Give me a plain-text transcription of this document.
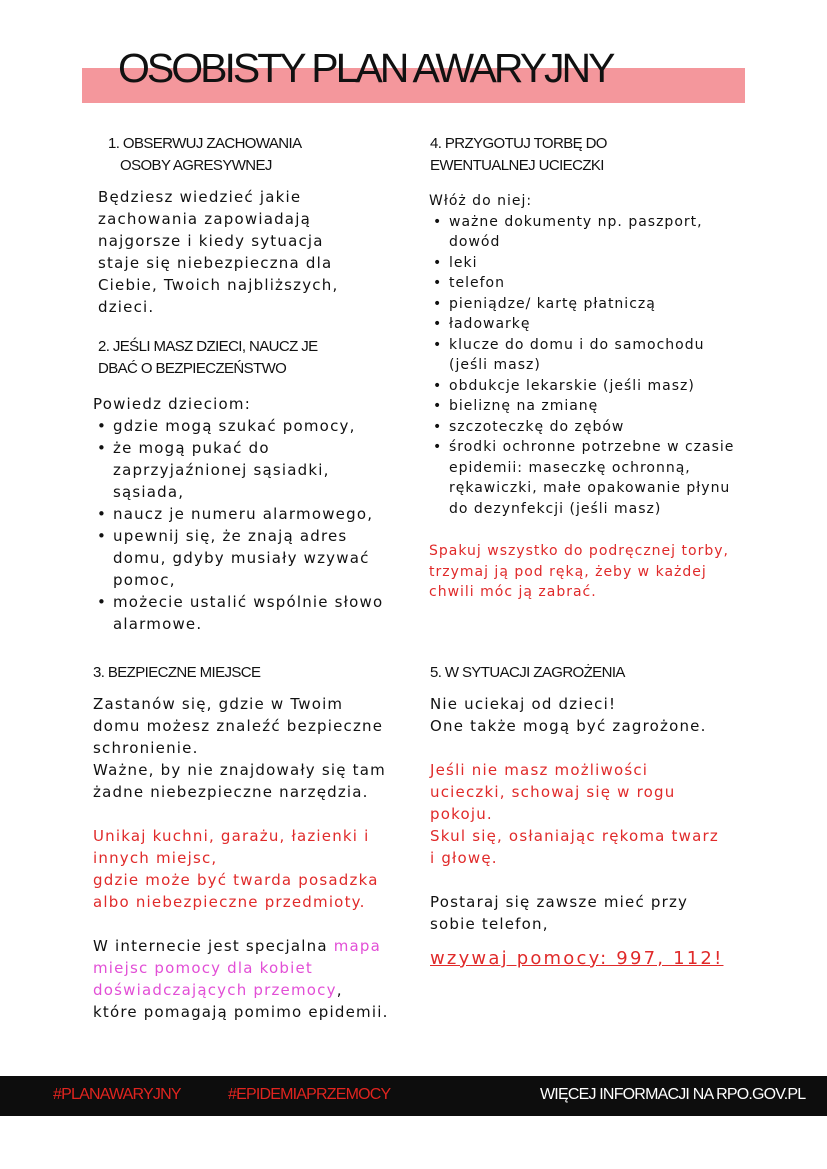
OSOBISTY PLAN AWARYJNY
1. OBSERWUJ ZACHOWANIA
OSOBY AGRESYWNEJ

Będziesz wiedzieć jakie

zachowania zapowiadają

najgorsze i kiedy sytuacja

staje się niebezpieczna dla

Ciebie, Twoich najbliższych,

dzieci.

2. JEŚLI MASZ DZIECI, NAUCZ JE
DBAĆ O BEZPIECZEŃSTWO

Powiedz dzieciom:

• gdzie mogą szukać pomocy,
• że mogą pukać do
zaprzyjaźnionej sąsiadki,
sąsiada,
• naucz je numeru alarmowego,
• upewnij się, że znają adres
domu, gdyby musiały wzywać
pomoc,
• możecie ustalić wspólnie słowo
alarmowe.
3. BEZPIECZNE MIEJSCE

Zastanów się, gdzie w Twoim

domu możesz znaleźć bezpieczne

schronienie.

Ważne, by nie znajdowały się tam

żadne niebezpieczne narzędzia.

Unikaj kuchni, garażu, łazienki i

innych miejsc,

gdzie może być twarda posadzka

albo niebezpieczne przedmioty.

W internecie jest specjalna mapa

miejsc pomocy dla kobiet

doświadczających przemocy,

które pomagają pomimo epidemii.

4. PRZYGOTUJ TORBĘ DO
EWENTUALNEJ UCIECZKI

Włóż do niej:

• ważne dokumenty np. paszport,
dowód
• leki
• telefon
• pieniądze/ kartę płatniczą
• ładowarkę
• klucze do domu i do samochodu
(jeśli masz)
• obdukcje lekarskie (jeśli masz)
• bieliznę na zmianę
• szczoteczkę do zębów
• środki ochronne potrzebne w czasie
epidemii: maseczkę ochronną,
rękawiczki, małe opakowanie płynu
do dezynfekcji (jeśli masz)

Spakuj wszystko do podręcznej torby,

trzymaj ją pod ręką, żeby w każdej

chwili móc ją zabrać.

5. W SYTUACJI ZAGROŻENIA

Nie uciekaj od dzieci!

One także mogą być zagrożone.

Jeśli nie masz możliwości

ucieczki, schowaj się w rogu

pokoju.

Skul się, osłaniając rękoma twarz

i głowę.

Postaraj się zawsze mieć przy

sobie telefon,

wzywaj pomocy: 997, 112!
#PLANAWARYJNY	#EPIDEMIAPRZEMOCY	WIĘCEJ INFORMACJI NA RPO.GOV.PL
